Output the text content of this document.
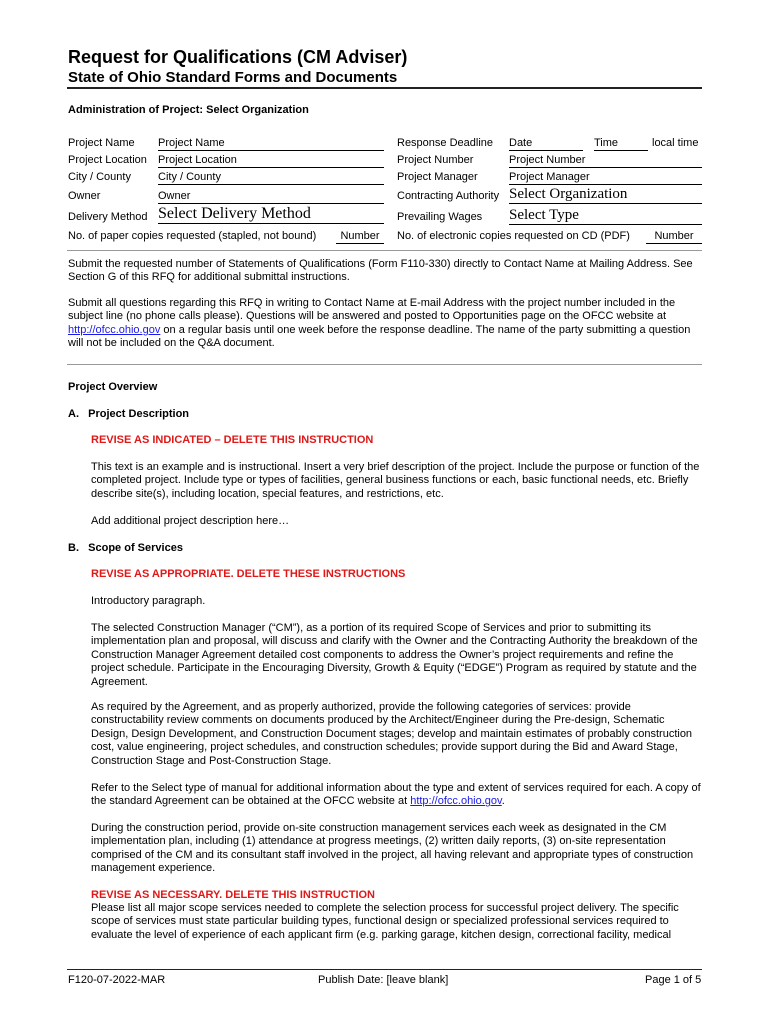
Request for Qualifications (CM Adviser)
State of Ohio Standard Forms and Documents
Administration of Project: Select Organization
Project Name Project Name
Project Location Project Location
City / County City / County
Owner	Owner
Delivery Method Select Delivery Method
No. of paper copies requested (stapled, not bound)	Number
Response Deadline Date	Time	local time
Project Number	Project Number
Project Manager	Project Manager
Contracting Authority Select Organization
Prevailing Wages Select Type
No. of electronic copies requested on CD (PDF)	Number
Submit the requested number of Statements of Qualifications (Form F110-330) directly to Contact Name at Mailing Address. See Section G of this RFQ for additional submittal instructions.
Submit all questions regarding this RFQ in writing to Contact Name at E-mail Address with the project number included in the subject line (no phone calls please). Questions will be answered and posted to Opportunities page on the OFCC website at http://ofcc.ohio.gov on a regular basis until one week before the response deadline. The name of the party submitting a question will not be included on the Q&A document.
Project Overview
A.   Project Description
REVISE AS INDICATED – DELETE THIS INSTRUCTION
This text is an example and is instructional. Insert a very brief description of the project. Include the purpose or function of the completed project. Include type or types of facilities, general business functions or each, basic functional needs, etc. Briefly describe site(s), including location, special features, and restrictions, etc.
Add additional project description here…
B.   Scope of Services
REVISE AS APPROPRIATE. DELETE THESE INSTRUCTIONS
Introductory paragraph.
The selected Construction Manager (“CM”), as a portion of its required Scope of Services and prior to submitting its implementation plan and proposal, will discuss and clarify with the Owner and the Contracting Authority the breakdown of the Construction Manager Agreement detailed cost components to address the Owner’s project requirements and refine the project schedule. Participate in the Encouraging Diversity, Growth & Equity (“EDGE”) Program as required by statute and the Agreement.
As required by the Agreement, and as properly authorized, provide the following categories of services: provide constructability review comments on documents produced by the Architect/Engineer during the Pre-design, Schematic Design, Design Development, and Construction Document stages; develop and maintain estimates of probably construction cost, value engineering, project schedules, and construction schedules; provide support during the Bid and Award Stage, Construction Stage and Post-Construction Stage.
Refer to the Select type of manual for additional information about the type and extent of services required for each. A copy of the standard Agreement can be obtained at the OFCC website at http://ofcc.ohio.gov.
During the construction period, provide on-site construction management services each week as designated in the CM implementation plan, including (1) attendance at progress meetings, (2) written daily reports, (3) on-site representation comprised of the CM and its consultant staff involved in the project, all having relevant and appropriate types of construction management experience.
REVISE AS NECESSARY. DELETE THIS INSTRUCTION
Please list all major scope services needed to complete the selection process for successful project delivery. The specific scope of services must state particular building types, functional design or specialized professional services required to evaluate the level of experience of each applicant firm (e.g. parking garage, kitchen design, correctional facility, medical
F120-07-2022-MAR	Publish Date: [leave blank]	Page 1 of 5
